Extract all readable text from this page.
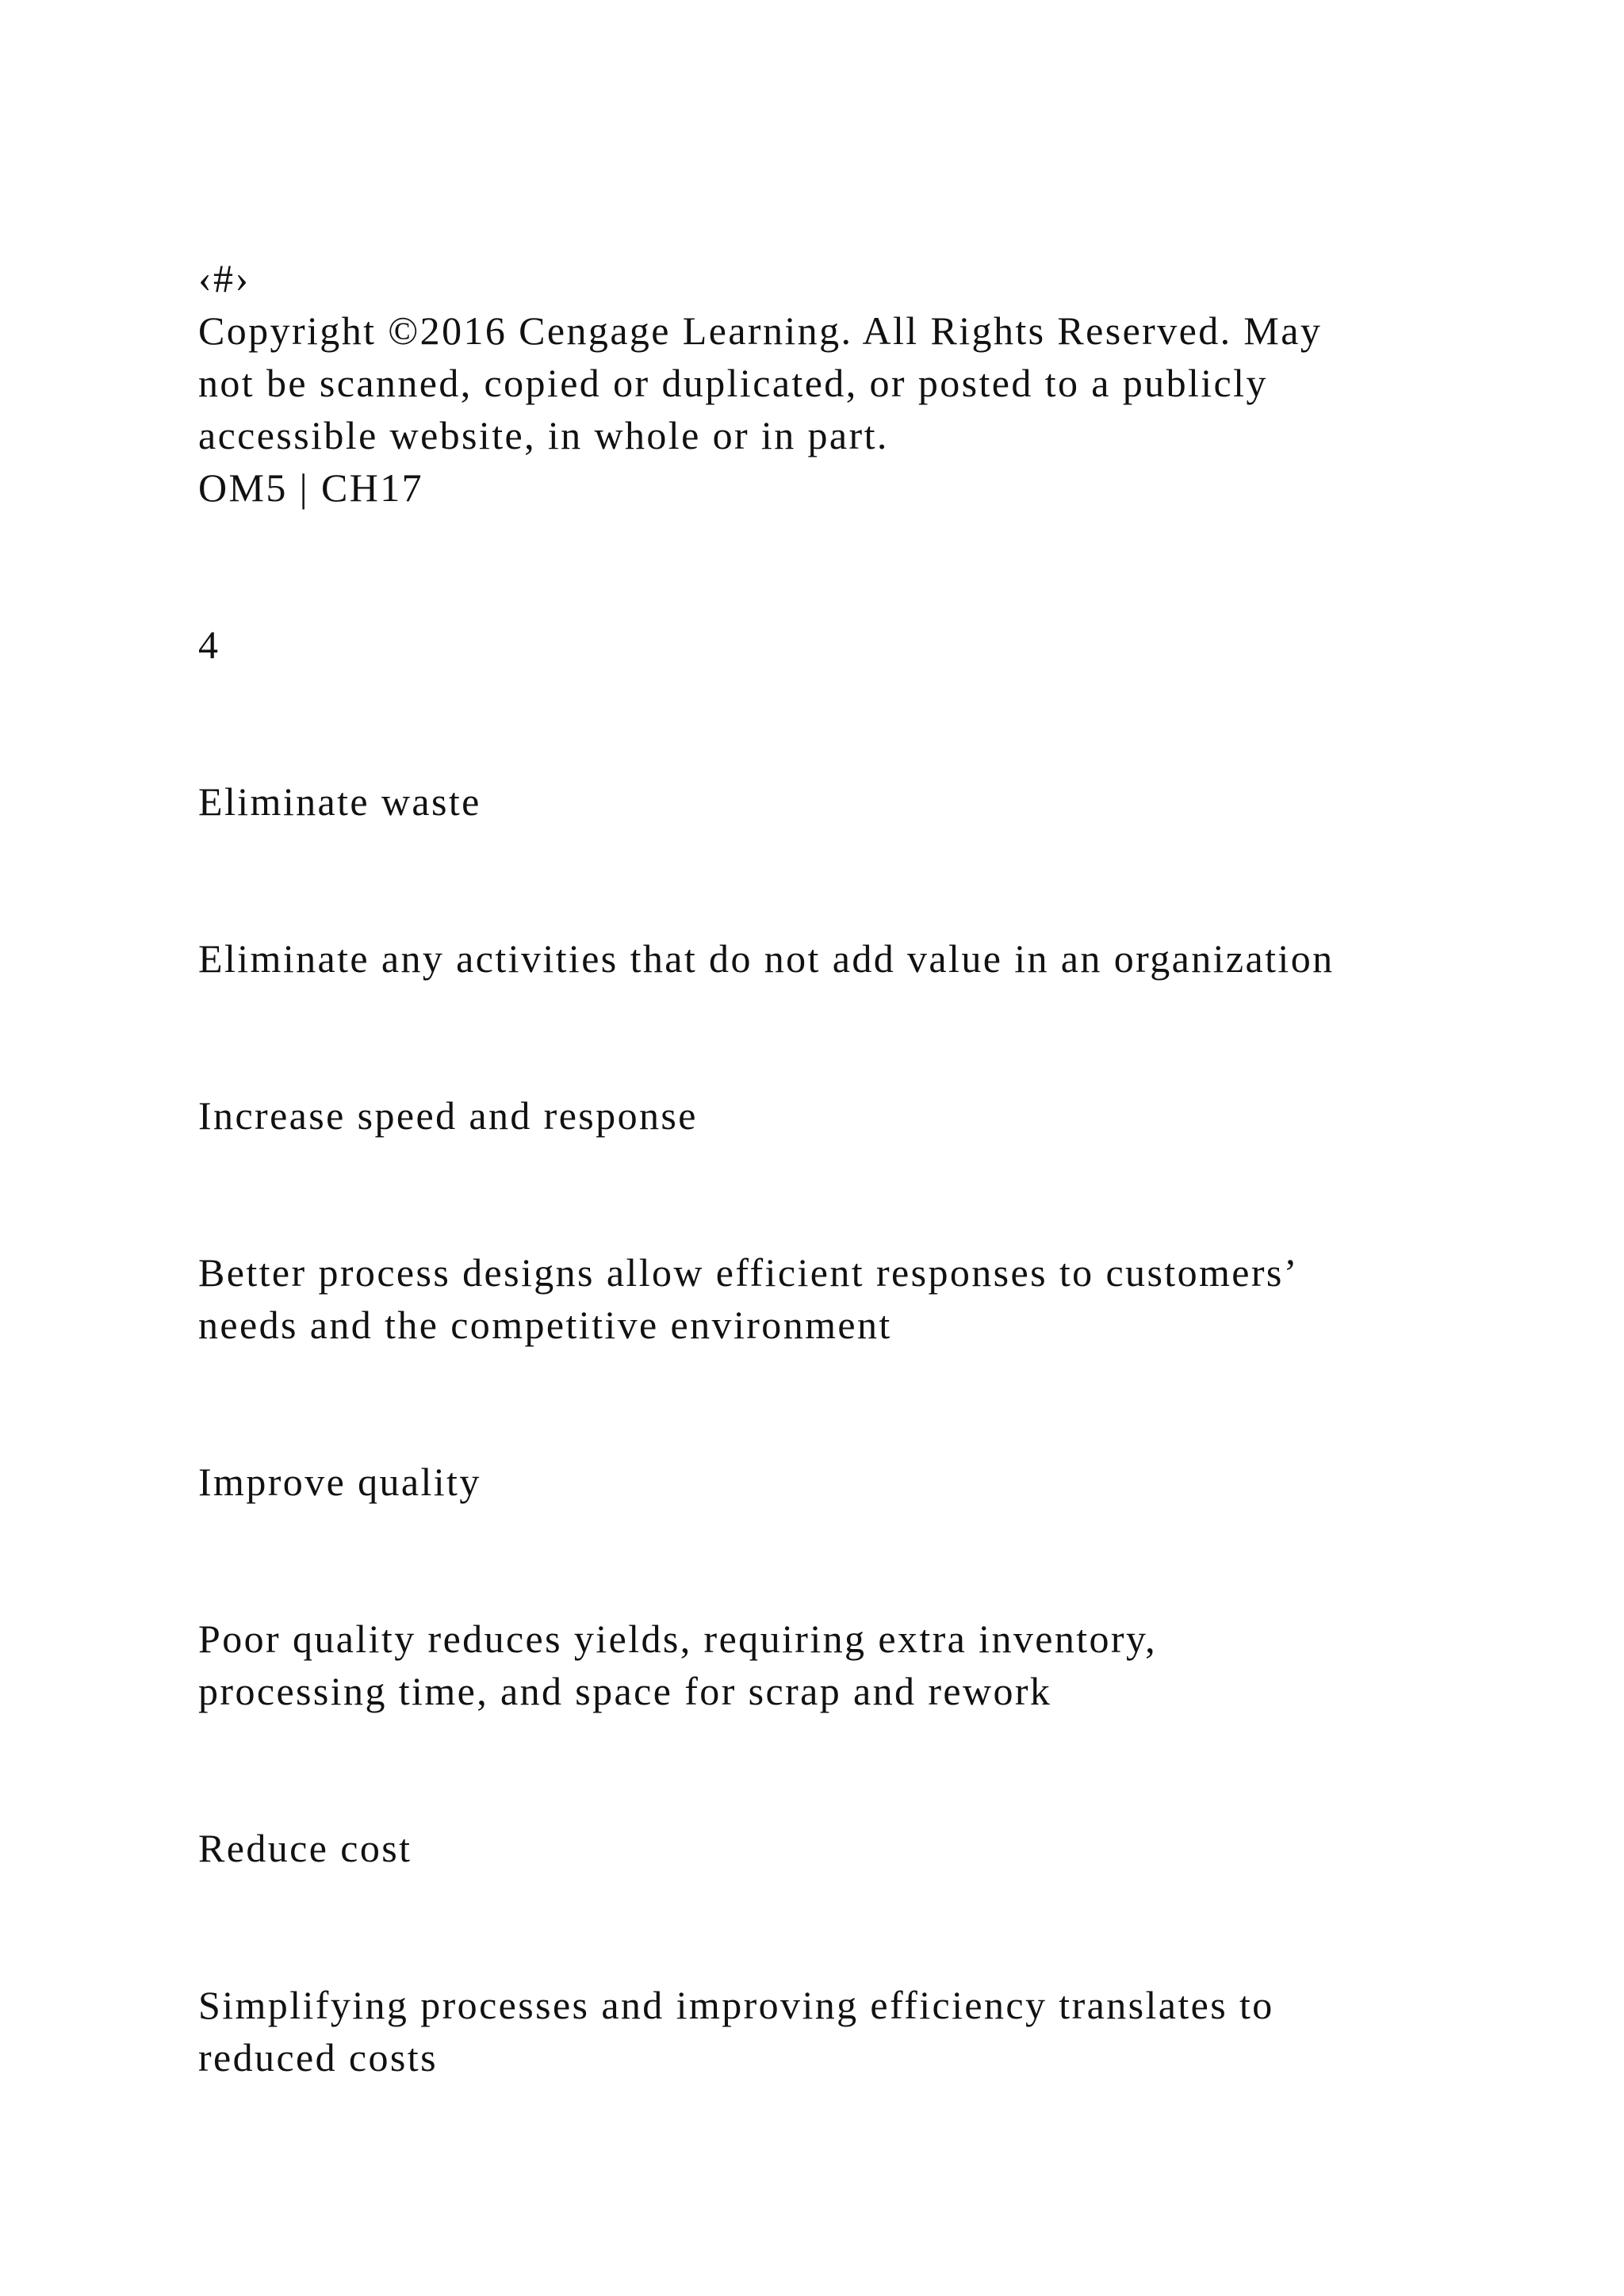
‹#›

Copyright ©2016 Cengage Learning. All Rights Reserved. May

not be scanned, copied or duplicated, or posted to a publicly

accessible website, in whole or in part.

OM5 | CH17

4

Eliminate waste

Eliminate any activities that do not add value in an organization

Increase speed and response

Better process designs allow efficient responses to customers’

needs and the competitive environment

Improve quality

Poor quality reduces yields, requiring extra inventory,

processing time, and space for scrap and rework

Reduce cost

Simplifying processes and improving efficiency translates to

reduced costs
